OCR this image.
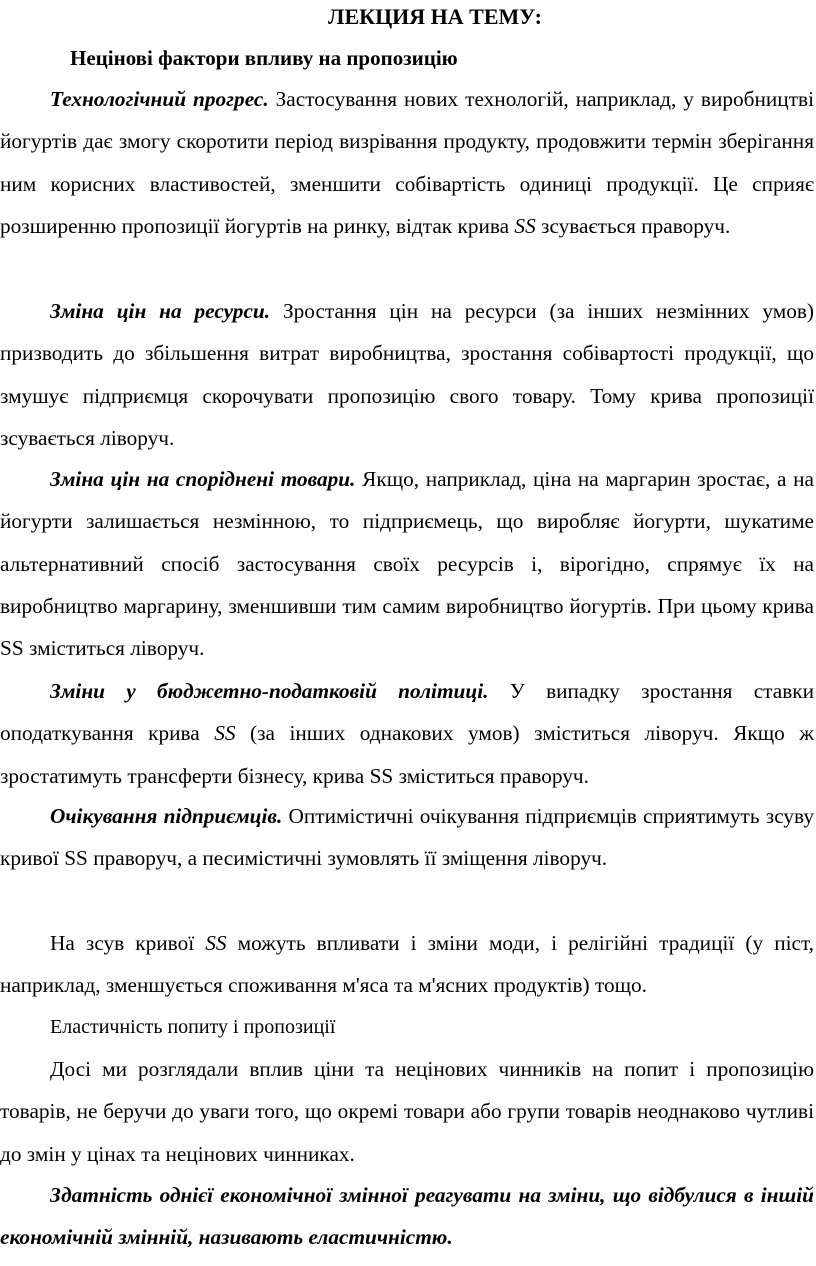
ЛЕКЦИЯ НА ТЕМУ:
Нецінові фактори впливу на пропозицію

Технологічний прогрес. Застосування нових технологій, наприклад, у виробництві йогуртів дає змогу скоротити період визрівання продукту, продовжити термін зберігання ним корисних властивостей, зменшити собівартість одиниці продукції. Це сприяє розширенню пропозиції йогуртів на ринку, відтак крива SS зсувається праворуч.

Зміна цін на ресурси. Зростання цін на ресурси (за інших незмінних умов) призводить до збільшення витрат виробництва, зростання собівартості продукції, що змушує підприємця скорочувати пропозицію свого товару. Тому крива пропозиції зсувається ліворуч.

Зміна цін на споріднені товари. Якщо, наприклад, ціна на маргарин зростає, а на йогурти залишається незмінною, то підприємець, що виробляє йогурти, шукатиме альтернативний спосіб застосування своїх ресурсів і, вірогідно, спрямує їх на виробництво маргарину, зменшивши тим самим виробництво йогуртів. При цьому крива SS зміститься ліворуч.

Зміни у бюджетно-податковій політиці. У випадку зростання ставки оподаткування крива SS (за інших однакових умов) зміститься ліворуч. Якщо ж зростатимуть трансферти бізнесу, крива SS зміститься праворуч.

Очікування підприємців. Оптимістичні очікування підприємців сприятимуть зсуву кривої SS праворуч, а песимістичні зумовлять її зміщення ліворуч.

На зсув кривої SS можуть впливати і зміни моди, і релігійні традиції (у піст, наприклад, зменшується споживання м'яса та м'ясних продуктів) тощо.

Еластичність попиту і пропозиції

Досі ми розглядали вплив ціни та нецінових чинників на попит і пропозицію товарів, не беручи до уваги того, що окремі товари або групи товарів неоднаково чутливі до змін у цінах та нецінових чинниках.

Здатність однієї економічної змінної реагувати на зміни, що відбулися в іншій економічній змінній, називають еластичністю.
